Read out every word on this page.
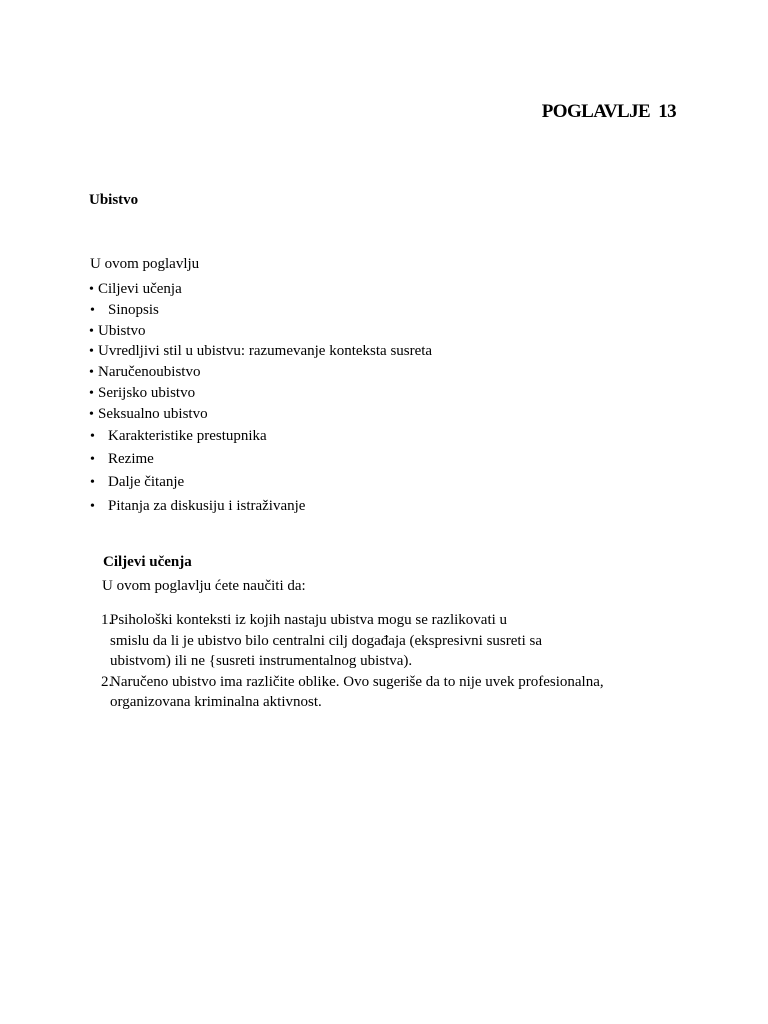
POGLAVLJE 13
Ubistvo
U ovom poglavlju
• Ciljevi učenja
• Sinopsis
• Ubistvo
• Uvredljivi stil u ubistvu: razumevanje konteksta susreta
• Naručenoubistvo
• Serijsko ubistvo
• Seksualno ubistvo
• Karakteristike prestupnika
• Rezime
• Dalje čitanje
• Pitanja za diskusiju i istraživanje
Ciljevi učenja
U ovom poglavlju ćete naučiti da:
1.
Psihološki konteksti iz kojih nastaju ubistva mogu se razlikovati u
smislu da li je ubistvo bilo centralni cilj događaja (ekspresivni susreti sa
ubistvom) ili ne {susreti instrumentalnog ubistva).
2.
Naručeno ubistvo ima različite oblike. Ovo sugeriše da to nije uvek profesionalna,
organizovana kriminalna aktivnost.
